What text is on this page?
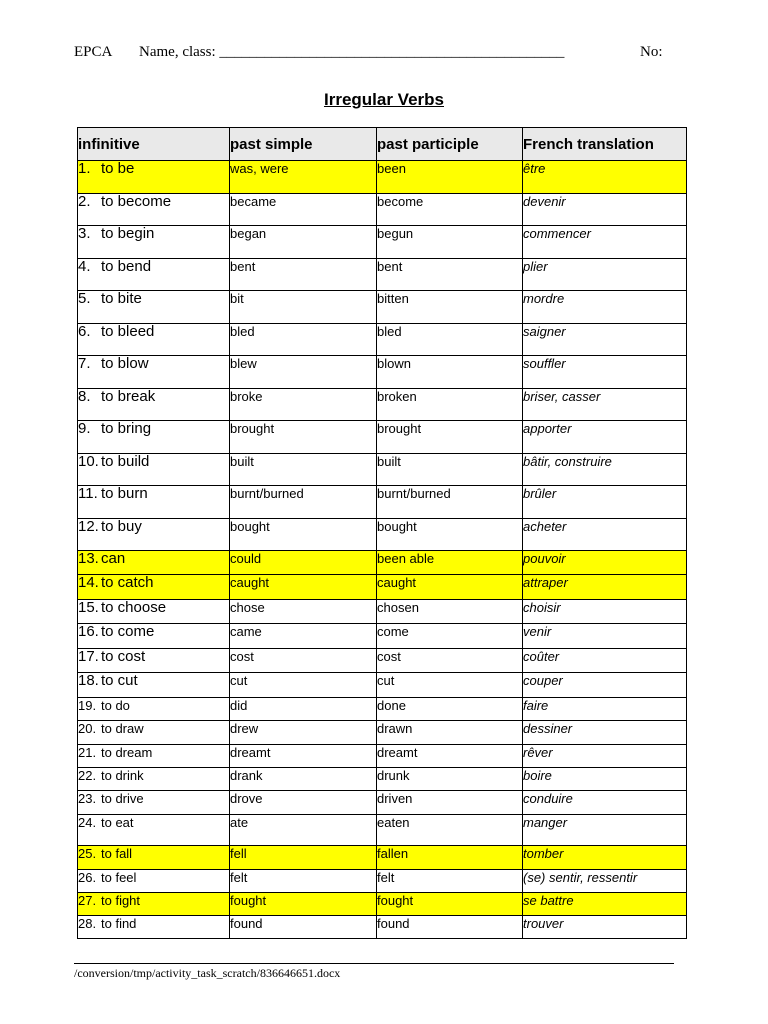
EPCA Name, class: ______________________________________________	No:
Irregular Verbs
infinitive	past simple	past participle	French translation
1. to be	was, were	been	être
2. to become	became	become	devenir
3. to begin	began	begun	commencer
4. to bend	bent	bent	plier
5. to bite	bit	bitten	mordre
6. to bleed	bled	bled	saigner
7. to blow	blew	blown	souffler
8. to break	broke	broken	briser, casser
9. to bring	brought	brought	apporter
10. to build	built	built	bâtir, construire
11. to burn	burnt/burned	burnt/burned	brûler
12. to buy	bought	bought	acheter
13. can	could	been able	pouvoir
14. to catch	caught	caught	attraper
15. to choose	chose	chosen	choisir
16. to come	came	come	venir
17. to cost	cost	cost	coûter
18. to cut	cut	cut	couper
19. to do	did	done	faire
20. to draw	drew	drawn	dessiner
21. to dream	dreamt	dreamt	rêver
22. to drink	drank	drunk	boire
23. to drive	drove	driven	conduire
24. to eat	ate	eaten	manger
25. to fall	fell	fallen	tomber
26. to feel	felt	felt	(se) sentir, ressentir
27. to fight	fought	fought	se battre
28. to find	found	found	trouver
/conversion/tmp/activity_task_scratch/836646651.docx
